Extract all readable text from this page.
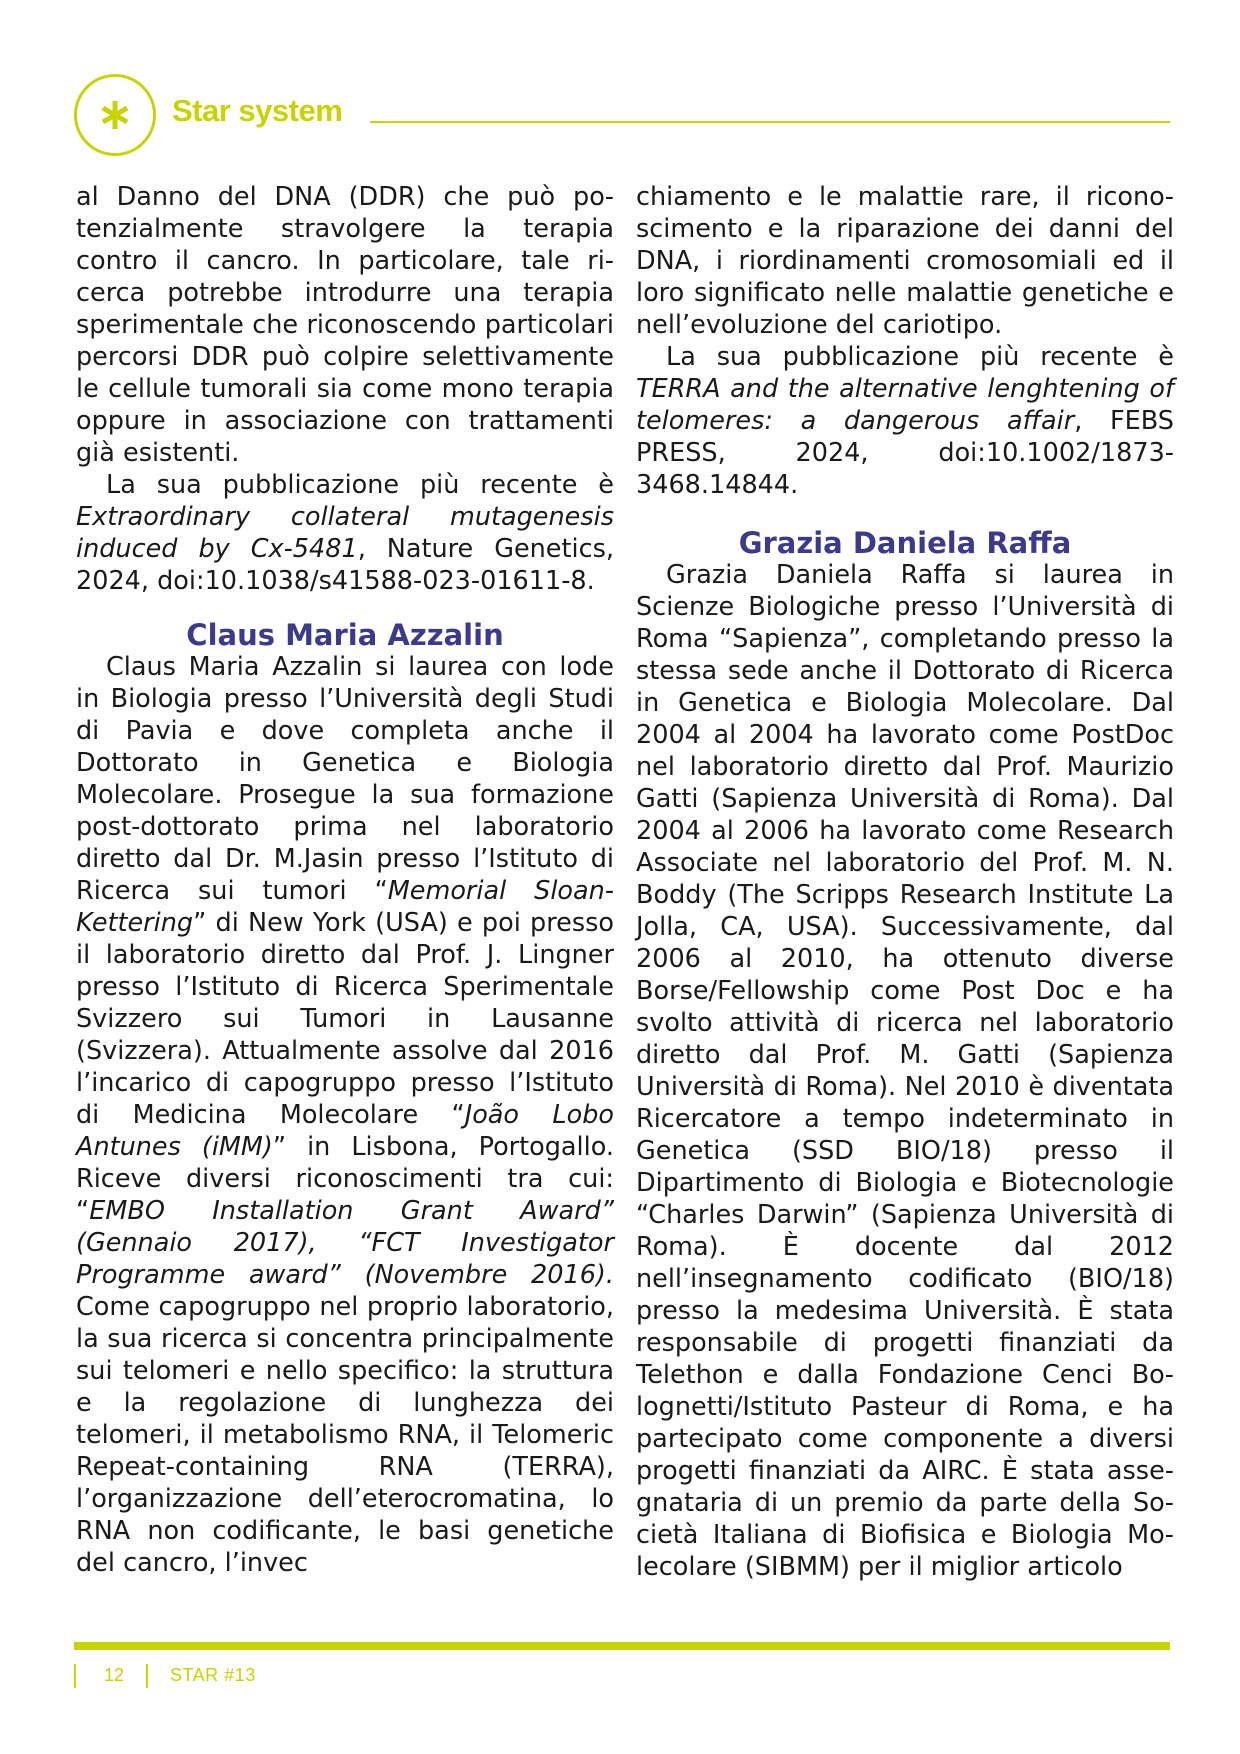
Star system

al Danno del DNA (DDR) che può potenzialmente stravolgere la terapia contro il cancro. In particolare, tale ricerca potrebbe introdurre una terapia sperimentale che riconoscendo particolari percorsi DDR può colpire selettivamente le cellule tumorali sia come mono terapia oppure in associazione con trattamenti già esistenti.

La sua pubblicazione più recente è Extraordinary collateral mutagenesis induced by Cx-5481, Nature Genetics, 2024, doi:10.1038/s41588-023-01611-8.

Claus Maria Azzalin

Claus Maria Azzalin si laurea con lode in Biologia presso l’Università degli Studi di Pavia e dove completa anche il Dottorato in Genetica e Biologia Molecolare. Prosegue la sua formazione post-dottorato prima nel laboratorio diretto dal Dr. M.Jasin presso l’Istituto di Ricerca sui tumori “Memorial Sloan-Kettering” di New York (USA) e poi presso il laboratorio diretto dal Prof. J. Lingner presso l’Istituto di Ricerca Sperimentale Svizzero sui Tumori in Lausanne (Svizzera). Attualmente assolve dal 2016 l’incarico di capogruppo presso l’Istituto di Medicina Molecolare “João Lobo Antunes (iMM)” in Lisbona, Portogallo. Riceve diversi riconoscimenti tra cui: “EMBO Installation Grant Award” (Gennaio 2017), “FCT Investigator Programme award” (Novembre 2016). Come capogruppo nel proprio laboratorio, la sua ricerca si concentra principalmente sui telomeri e nello specifico: la struttura e la regolazione di lunghezza dei telomeri, il metabolismo RNA, il Telomeric Repeat-containing RNA (TERRA), l’organizzazione dell’eterocromatina, lo RNA non codificante, le basi genetiche del cancro, l’invec

chiamento e le malattie rare, il riconoscimento e la riparazione dei danni del DNA, i riordinamenti cromosomiali ed il loro significato nelle malattie genetiche e nell’evoluzione del cariotipo.

La sua pubblicazione più recente è TERRA and the alternative lenghtening of telomeres: a dangerous affair, FEBS PRESS, 2024, doi:10.1002/1873-3468.14844.

Grazia Daniela Raffa

Grazia Daniela Raffa si laurea in Scienze Biologiche presso l’Università di Roma “Sapienza”, completando presso la stessa sede anche il Dottorato di Ricerca in Genetica e Biologia Molecolare. Dal 2004 al 2004 ha lavorato come PostDoc nel laboratorio diretto dal Prof. Maurizio Gatti (Sapienza Università di Roma). Dal 2004 al 2006 ha lavorato come Research Associate nel laboratorio del Prof. M. N. Boddy (The Scripps Research Institute La Jolla, CA, USA). Successivamente, dal 2006 al 2010, ha ottenuto diverse Borse/Fellowship come Post Doc e ha svolto attività di ricerca nel laboratorio diretto dal Prof. M. Gatti (Sapienza Università di Roma). Nel 2010 è diventata Ricercatore a tempo indeterminato in Genetica (SSD BIO/18) presso il Dipartimento di Biologia e Biotecnologie “Charles Darwin” (Sapienza Università di Roma). È docente dal 2012 nell’insegnamento codificato (BIO/18) presso la medesima Università. È stata responsabile di progetti finanziati da Telethon e dalla Fondazione Cenci Bolognetti/Istituto Pasteur di Roma, e ha partecipato come componente a diversi progetti finanziati da AIRC. È stata assegnataria di un premio da parte della Società Italiana di Biofisica e Biologia Molecolare (SIBMM) per il miglior articolo

12	STAR #13
